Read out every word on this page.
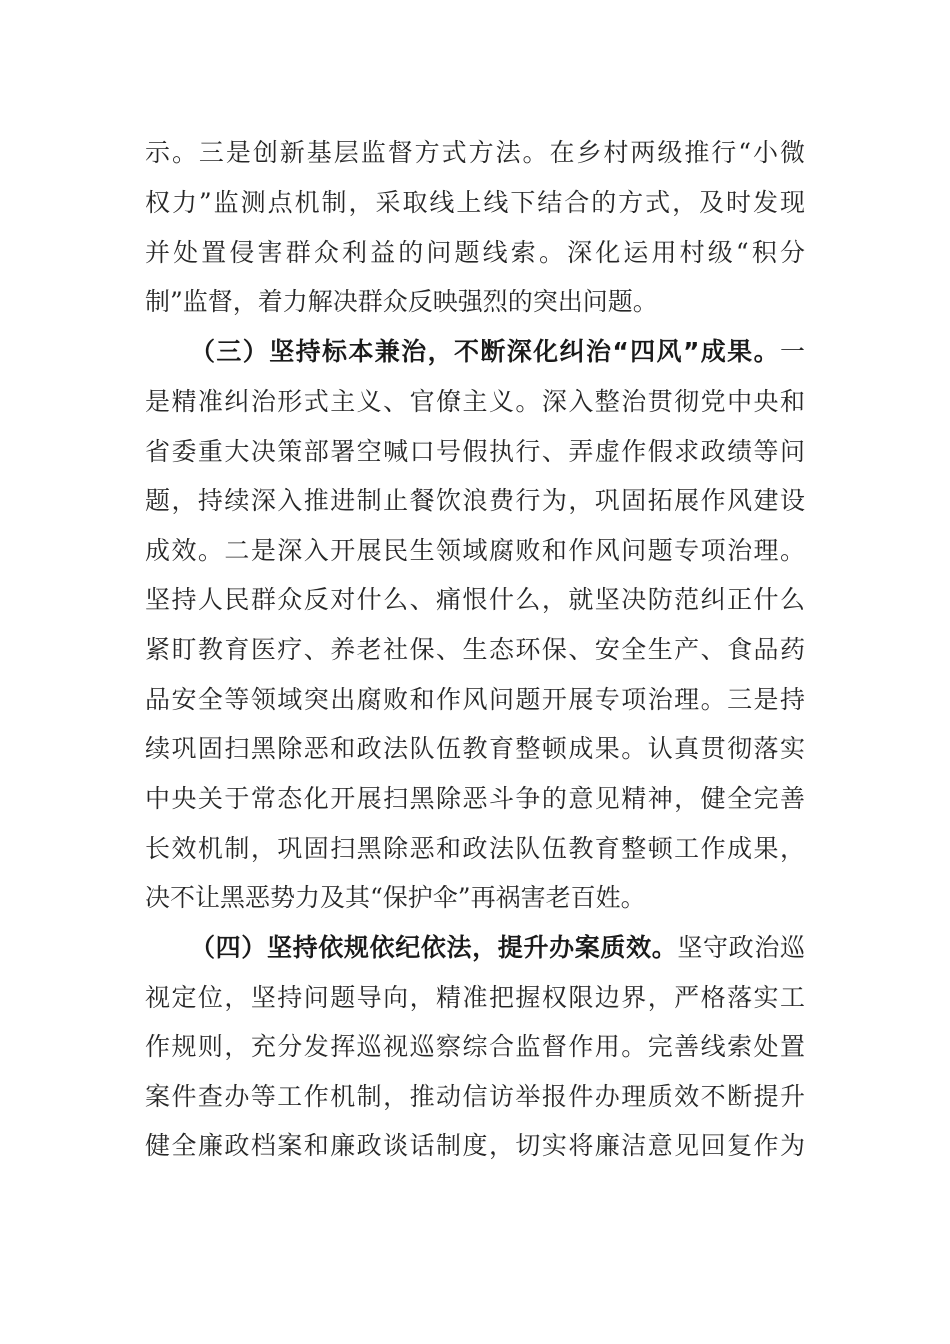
示。三是创新基层监督方式方法。在乡村两级推行“小微
权力”监测点机制，采取线上线下结合的方式，及时发现
并处置侵害群众利益的问题线索。深化运用村级“积分
制”监督，着力解决群众反映强烈的突出问题。
（三）坚持标本兼治，不断深化纠治“四风”成果。一
是精准纠治形式主义、官僚主义。深入整治贯彻党中央和
省委重大决策部署空喊口号假执行、弄虚作假求政绩等问
题，持续深入推进制止餐饮浪费行为，巩固拓展作风建设
成效。二是深入开展民生领域腐败和作风问题专项治理。
坚持人民群众反对什么、痛恨什么，就坚决防范纠正什么
紧盯教育医疗、养老社保、生态环保、安全生产、食品药
品安全等领域突出腐败和作风问题开展专项治理。三是持
续巩固扫黑除恶和政法队伍教育整顿成果。认真贯彻落实
中央关于常态化开展扫黑除恶斗争的意见精神，健全完善
长效机制，巩固扫黑除恶和政法队伍教育整顿工作成果，
决不让黑恶势力及其“保护伞”再祸害老百姓。
（四）坚持依规依纪依法，提升办案质效。坚守政治巡
视定位，坚持问题导向，精准把握权限边界，严格落实工
作规则，充分发挥巡视巡察综合监督作用。完善线索处置
案件查办等工作机制，推动信访举报件办理质效不断提升
健全廉政档案和廉政谈话制度，切实将廉洁意见回复作为
